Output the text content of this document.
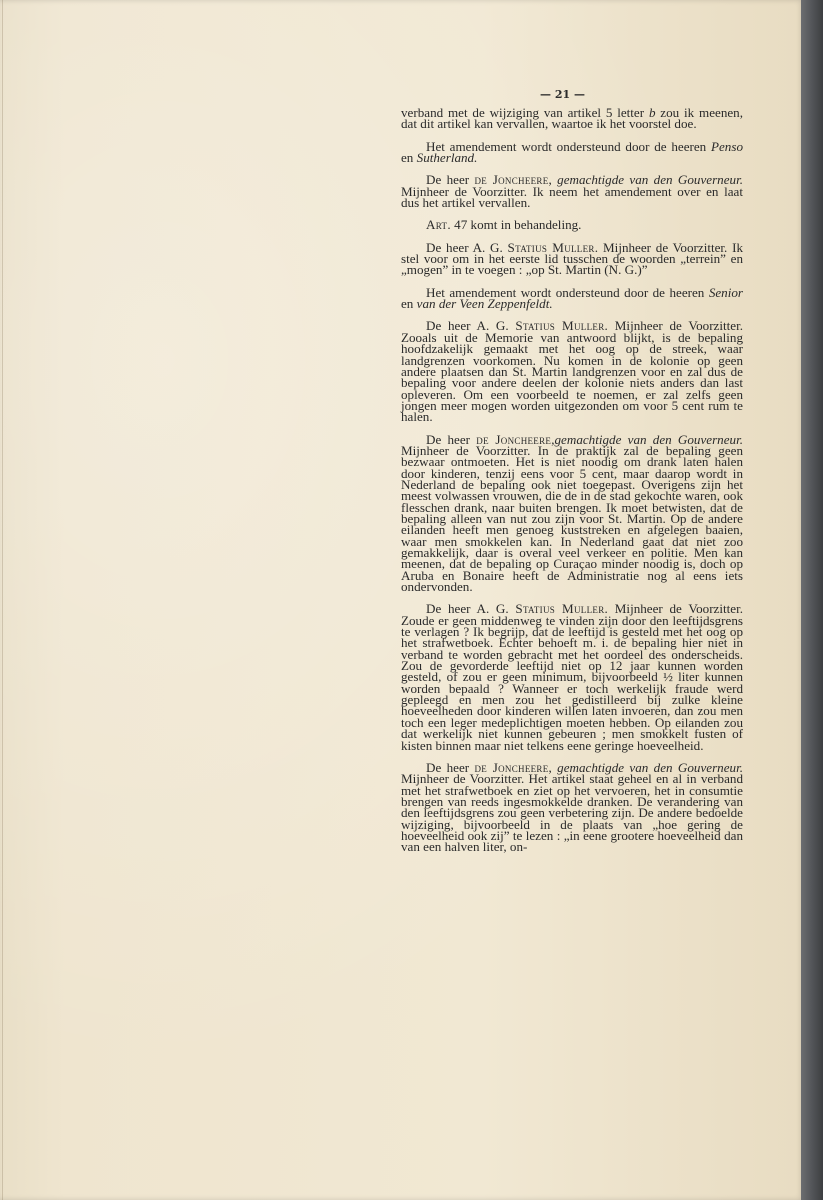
— 21 —

verband met de wijziging van artikel 5 letter b zou ik meenen, dat dit artikel kan vervallen, waartoe ik het voorstel doe.

Het amendement wordt ondersteund door de heeren Penso en Sutherland.

De heer de Joncheere, gemachtigde van den Gouverneur. Mijnheer de Voorzitter. Ik neem het amendement over en laat dus het artikel vervallen.

Art. 47 komt in behandeling.

De heer A. G. Statius Muller. Mijnheer de Voorzitter. Ik stel voor om in het eerste lid tusschen de woorden „terrein” en „mogen” in te voegen : „op St. Martin (N. G.)”

Het amendement wordt ondersteund door de heeren Senior en van der Veen Zeppenfeldt.

De heer A. G. Statius Muller. Mijnheer de Voorzitter. Zooals uit de Memorie van antwoord blijkt, is de bepaling hoofdzakelijk gemaakt met het oog op de streek, waar landgrenzen voorkomen. Nu komen in de kolonie op geen andere plaatsen dan St. Martin landgrenzen voor en zal dus de bepaling voor andere deelen der kolonie niets anders dan last opleveren. Om een voorbeeld te noemen, er zal zelfs geen jongen meer mogen worden uitgezonden om voor 5 cent rum te halen.

De heer de Joncheere,gemachtigde van den Gouverneur. Mijnheer de Voorzitter. In de praktijk zal de bepaling geen bezwaar ontmoeten. Het is niet noodig om drank laten halen door kinderen, tenzij eens voor 5 cent, maar daarop wordt in Nederland de bepaling ook niet toegepast. Overigens zijn het meest volwassen vrouwen, die de in de stad gekochte waren, ook flesschen drank, naar buiten brengen. Ik moet betwisten, dat de bepaling alleen van nut zou zijn voor St. Martin. Op de andere eilanden heeft men genoeg kuststreken en afgelegen baaien, waar men smokkelen kan. In Nederland gaat dat niet zoo gemakkelijk, daar is overal veel verkeer en politie. Men kan meenen, dat de bepaling op Curaçao minder noodig is, doch op Aruba en Bonaire heeft de Administratie nog al eens iets ondervonden.

De heer A. G. Statius Muller. Mijnheer de Voorzitter. Zoude er geen middenweg te vinden zijn door den leeftijdsgrens te verlagen ? Ik begrijp, dat de leeftijd is gesteld met het oog op het strafwetboek. Echter behoeft m. i. de bepaling hier niet in verband te worden gebracht met het oordeel des onderscheids. Zou de gevorderde leeftijd niet op 12 jaar kunnen worden gesteld, of zou er geen minimum, bijvoorbeeld ½ liter kunnen worden bepaald ? Wanneer er toch werkelijk fraude werd gepleegd en men zou het gedistilleerd bij zulke kleine hoeveelheden door kinderen willen laten invoeren, dan zou men toch een leger medeplichtigen moeten hebben. Op eilanden zou dat werkelijk niet kunnen gebeuren ; men smokkelt fusten of kisten binnen maar niet telkens eene geringe hoeveelheid.

De heer de Joncheere, gemachtigde van den Gouverneur. Mijnheer de Voorzitter. Het artikel staat geheel en al in verband met het strafwetboek en ziet op het vervoeren, het in consumtie brengen van reeds ingesmokkelde dranken. De verandering van den leeftijdsgrens zou geen verbetering zijn. De andere bedoelde wijziging, bijvoorbeeld in de plaats van „hoe gering de hoeveelheid ook zij” te lezen : „in eene grootere hoeveelheid dan van een halven liter, on-
